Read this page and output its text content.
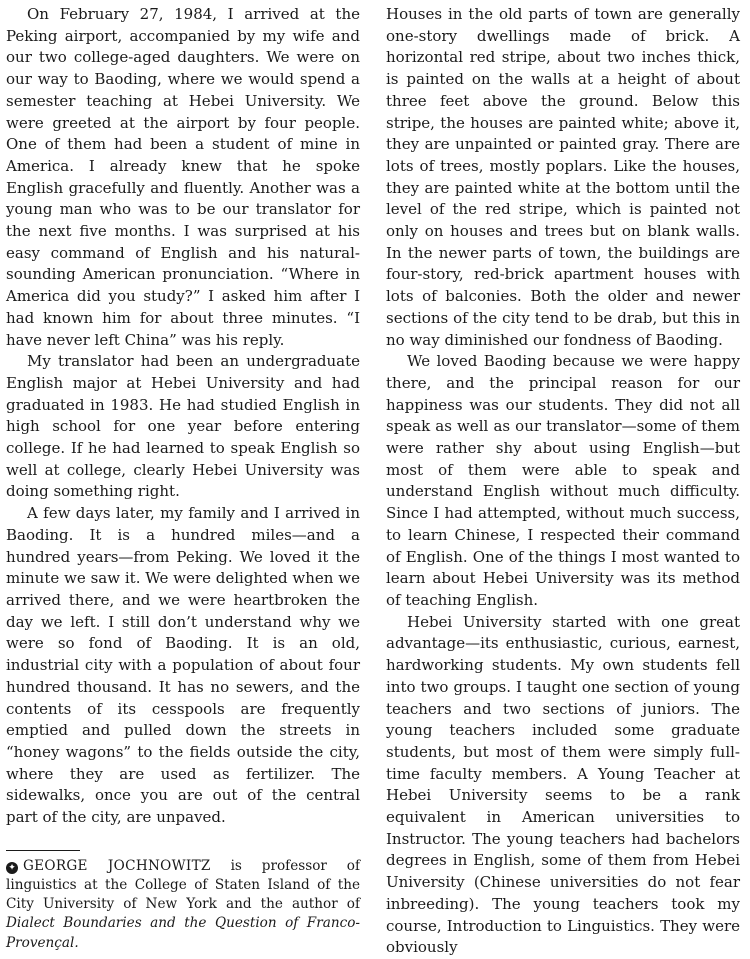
On February 27, 1984, I arrived at the Peking airport, accompanied by my wife and our two college-aged daughters. We were on our way to Baoding, where we would spend a semester teaching at Hebei University. We were greeted at the airport by four people. One of them had been a student of mine in America. I already knew that he spoke English gracefully and fluently. Another was a young man who was to be our translator for the next five months. I was surprised at his easy command of English and his natural-sounding American pronunciation. “Where in America did you study?” I asked him after I had known him for about three minutes. “I have never left China” was his reply.

My translator had been an undergraduate English major at Hebei University and had graduated in 1983. He had studied English in high school for one year before entering college. If he had learned to speak English so well at college, clearly Hebei University was doing something right.

A few days later, my family and I arrived in Baoding. It is a hundred miles—and a hundred years—from Peking. We loved it the minute we saw it. We were delighted when we arrived there, and we were heartbroken the day we left. I still don’t understand why we were so fond of Baoding. It is an old, industrial city with a population of about four hundred thousand. It has no sewers, and the contents of its cesspools are frequently emptied and pulled down the streets in “honey wagons” to the fields outside the city, where they are used as fertilizer. The sidewalks, once you are out of the central part of the city, are unpaved.

✦ GEORGE JOCHNOWITZ is professor of linguistics at the College of Staten Island of the City University of New York and the author of Dialect Boundaries and the Question of Franco-Provençal.

Houses in the old parts of town are generally one-story dwellings made of brick. A horizontal red stripe, about two inches thick, is painted on the walls at a height of about three feet above the ground. Below this stripe, the houses are painted white; above it, they are unpainted or painted gray. There are lots of trees, mostly poplars. Like the houses, they are painted white at the bottom until the level of the red stripe, which is painted not only on houses and trees but on blank walls. In the newer parts of town, the buildings are four-story, red-brick apartment houses with lots of balconies. Both the older and newer sections of the city tend to be drab, but this in no way diminished our fondness of Baoding.

We loved Baoding because we were happy there, and the principal reason for our happiness was our students. They did not all speak as well as our translator—some of them were rather shy about using English—but most of them were able to speak and understand English without much difficulty. Since I had attempted, without much success, to learn Chinese, I respected their command of English. One of the things I most wanted to learn about Hebei University was its method of teaching English.

Hebei University started with one great advantage—its enthusiastic, curious, earnest, hardworking students. My own students fell into two groups. I taught one section of young teachers and two sections of juniors. The young teachers included some graduate students, but most of them were simply full-time faculty members. A Young Teacher at Hebei University seems to be a rank equivalent in American universities to Instructor. The young teachers had bachelors degrees in English, some of them from Hebei University (Chinese universities do not fear inbreeding). The young teachers took my course, Introduction to Linguistics. They were obviously
